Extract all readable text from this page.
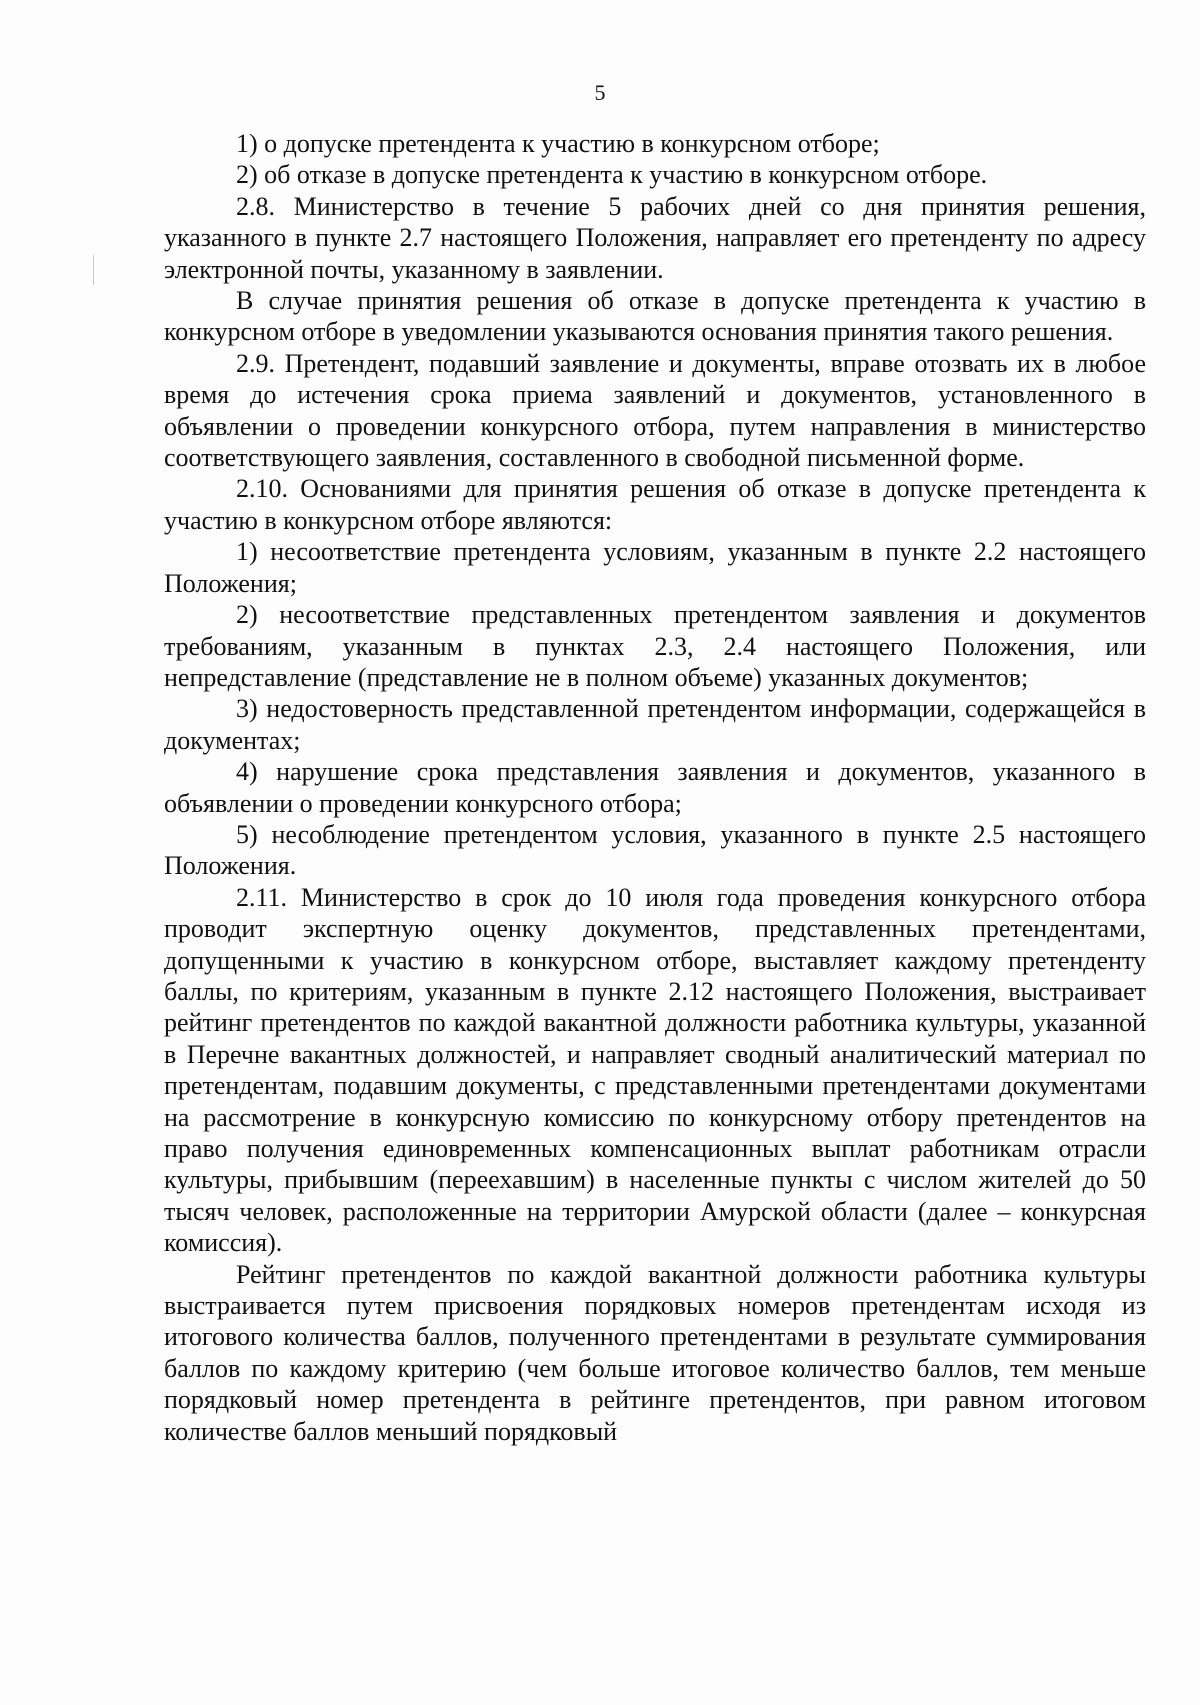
5

1) о допуске претендента к участию в конкурсном отборе;

2) об отказе в допуске претендента к участию в конкурсном отборе.

2.8. Министерство в течение 5 рабочих дней со дня принятия решения, указанного в пункте 2.7 настоящего Положения, направляет его претенденту по адресу электронной почты, указанному в заявлении.

В случае принятия решения об отказе в допуске претендента к участию в конкурсном отборе в уведомлении указываются основания принятия такого решения.

2.9. Претендент, подавший заявление и документы, вправе отозвать их в любое время до истечения срока приема заявлений и документов, установленного в объявлении о проведении конкурсного отбора, путем направления в министерство соответствующего заявления, составленного в свободной письменной форме.

2.10. Основаниями для принятия решения об отказе в допуске претендента к участию в конкурсном отборе являются:

1) несоответствие претендента условиям, указанным в пункте 2.2 настоящего Положения;

2) несоответствие представленных претендентом заявления и документов требованиям, указанным в пунктах 2.3, 2.4 настоящего Положения, или непредставление (представление не в полном объеме) указанных документов;

3) недостоверность представленной претендентом информации, содержащейся в документах;

4) нарушение срока представления заявления и документов, указанного в объявлении о проведении конкурсного отбора;

5) несоблюдение претендентом условия, указанного в пункте 2.5 настоящего Положения.

2.11. Министерство в срок до 10 июля года проведения конкурсного отбора проводит экспертную оценку документов, представленных претендентами, допущенными к участию в конкурсном отборе, выставляет каждому претенденту баллы, по критериям, указанным в пункте 2.12 настоящего Положения, выстраивает рейтинг претендентов по каждой вакантной должности работника культуры, указанной в Перечне вакантных должностей, и направляет сводный аналитический материал по претендентам, подавшим документы, с представленными претендентами документами на рассмотрение в конкурсную комиссию по конкурсному отбору претендентов на право получения единовременных компенсационных выплат работникам отрасли культуры, прибывшим (переехавшим) в населенные пункты с числом жителей до 50 тысяч человек, расположенные на территории Амурской области (далее – конкурсная комиссия).

Рейтинг претендентов по каждой вакантной должности работника культуры выстраивается путем присвоения порядковых номеров претендентам исходя из итогового количества баллов, полученного претендентами в результате суммирования баллов по каждому критерию (чем больше итоговое количество баллов, тем меньше порядковый номер претендента в рейтинге претендентов, при равном итоговом количестве баллов меньший порядковый
